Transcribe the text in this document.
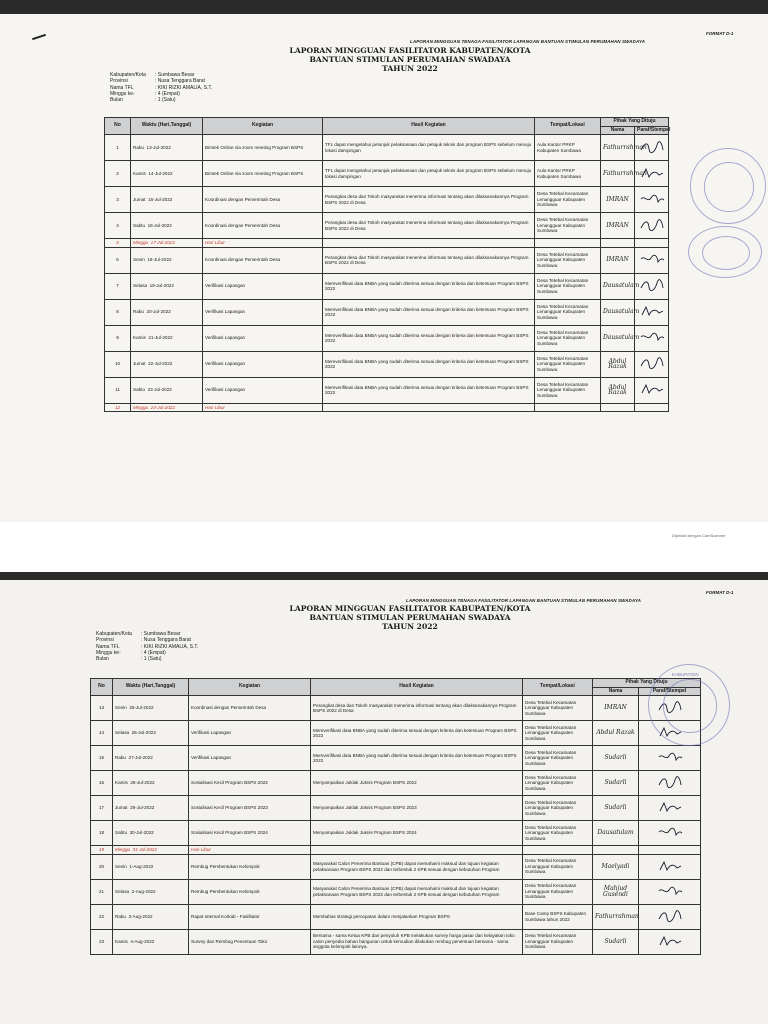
FORMAT D-1
LAPORAN MINGGUAN TENAGA FASILITATOR LAPANGAN BANTUAN STIMULAN PERUMAHAN SWADAYA
LAPORAN MINGGUAN FASILITATOR KABUPATEN/KOTA
BANTUAN STIMULAN PERUMAHAN SWADAYA
TAHUN 2022
Kabupaten/Kota	: Sumbawa Besar
Provinsi	: Nusa Tenggara Barat
Nama TFL	: KIKI RIZKI AMALIA, S.T.
Minggu ke-	: 4 (Empat)
Bulan	: 1 (Satu)
No	Waktu (Hari,Tanggal)	Kegiatan	Hasil Kegiatan	Tempat/Lokasi	Pihak Yang Dituju	
					Nama	Paraf/Stempel
1	Rabu 13-Jul-2022	Bimtek Online via zoom meeting Program BSPS	TFL dapat mengetahui petunjuk pelaksanaan dan petujuk teknis dan program BSPS sebelum menuju lokasi dampingan	Aula Kantor PRKP Kabupaten Sumbawa	Fathurrahman	
2	Kamis 14-Jul-2022	Bimtek Online via zoom meeting Program BSPS	TFL dapat mengetahui petunjuk pelaksanaan dan petujuk teknis dan program BSPS sebelum menuju lokasi dampingan	Aula Kantor PRKP Kabupaten Sumbawa	Fathurrahman	
3	Jumat 15-Jul-2022	Koordinasi dengan Pemerintah Desa	Perangkat desa dan Tokoh masyarakat menerima informasi tentang akan dilaksanakannya Program BSPS 2022 di Desa	Desa Tetebal Kecamatan Lenangguar Kabupaten Sumbawa	IMRAN	
4	Sabtu 16-Jul-2022	Koordinasi dengan Pemerintah Desa	Perangkat desa dan Tokoh masyarakat menerima informasi tentang akan dilaksanakannya Program BSPS 2022 di Desa	Desa Tetebal Kecamatan Lenangguar Kabupaten Sumbawa	IMRAN	
5	Minggu 17-Jul-2022	Hari Libur				
6	Senin 18-Jul-2022	Koordinasi dengan Pemerintah Desa	Perangkat desa dan Tokoh masyarakat menerima informasi tentang akan dilaksanakannya Program BSPS 2022 di Desa	Desa Tetebal Kecamatan Lenangguar Kabupaten Sumbawa	IMRAN	
7	Selasa 19-Jul-2022	Verifikasi Lapangan	Memverifikasi data BNBA yang sudah diterima sesuai dengan kriteria dan ketentuan Program BSPS 2022	Desa Tetebal Kecamatan Lenangguar Kabupaten Sumbawa	Dausatulam	
8	Rabu 20-Jul-2022	Verifikasi Lapangan	Memverifikasi data BNBA yang sudah diterima sesuai dengan kriteria dan ketentuan Program BSPS 2022	Desa Tetebal Kecamatan Lenangguar Kabupaten Sumbawa	Dausatulam	
9	Kamis 21-Jul-2022	Verifikasi Lapangan	Memverifikasi data BNBA yang sudah diterima sesuai dengan kriteria dan ketentuan Program BSPS 2022	Desa Tetebal Kecamatan Lenangguar Kabupaten Sumbawa	Dausatulam	
10	Jumat 22-Jul-2022	Verifikasi Lapangan	Memverifikasi data BNBA yang sudah diterima sesuai dengan kriteria dan ketentuan Program BSPS 2022	Desa Tetebal Kecamatan Lenangguar Kabupaten Sumbawa	Abdul Razak	
11	Sabtu 23-Jul-2022	Verifikasi Lapangan	Memverifikasi data BNBA yang sudah diterima sesuai dengan kriteria dan ketentuan Program BSPS 2022	Desa Tetebal Kecamatan Lenangguar Kabupaten Sumbawa	Abdul Razak	
12	Minggu 24-Jul-2022	Hari Libur				
Dipindai dengan CamScanner
FORMAT D-1
LAPORAN MINGGUAN TENAGA FASILITATOR LAPANGAN BANTUAN STIMULAN PERUMAHAN SWADAYA
LAPORAN MINGGUAN FASILITATOR KABUPATEN/KOTA
BANTUAN STIMULAN PERUMAHAN SWADAYA
TAHUN 2022
Kabupaten/Kota	: Sumbawa Besar
Provinsi	: Nusa Tenggara Barat
Nama TFL	: KIKI RIZKI AMALIA, S.T.
Minggu ke-	: 4 (Empat)
Bulan	: 1 (Satu)
No	Waktu (Hari,Tanggal)	Kegiatan	Hasil Kegiatan	Tempat/Lokasi	Pihak Yang Dituju	
					Nama	Paraf/Stempel
13	Senin 25-Jul-2022	Koordinasi dengan Pemerintah Desa	Perangkat desa dan Tokoh masyarakat menerima informasi tentang akan dilaksanakannya Program BSPS 2022 di Desa	Desa Tetebal Kecamatan Lenangguar Kabupaten Sumbawa	IMRAN	
14	Selasa 26-Jul-2022	Verifikasi Lapangan	Memverifikasi data BNBA yang sudah diterima sesuai dengan kriteria dan ketentuan Program BSPS 2022	Desa Tetebal Kecamatan Lenangguar Kabupaten Sumbawa	Abdul Razak	
15	Rabu 27-Jul-2022	Verifikasi Lapangan	Memverifikasi data BNBA yang sudah diterima sesuai dengan kriteria dan ketentuan Program BSPS 2022	Desa Tetebal Kecamatan Lenangguar Kabupaten Sumbawa	Sudarli	
16	Kamis 28-Jul-2022	Sosialisasi Kecil Program BSPS 2022	Menyampaikan Juklak Juknis Program BSPS 2022	Desa Tetebal Kecamatan Lenangguar Kabupaten Sumbawa	Sudarli	
17	Jumat 29-Jul-2022	Sosialisasi Kecil Program BSPS 2023	Menyampaikan Juklak Juknis Program BSPS 2023	Desa Tetebal Kecamatan Lenangguar Kabupaten Sumbawa	Sudarli	
18	Sabtu 30-Jul-2022	Sosialisasi Kecil Program BSPS 2024	Menyampaikan Juklak Juknis Program BSPS 2024	Desa Tetebal Kecamatan Lenangguar Kabupaten Sumbawa	Dausatulam	
19	Minggu 31-Jul-2022	Hari Libur				
20	Senin 1-Aug-2022	Rembug Pembentukan Kelompok	Masyarakat Calon Penerima Bantuan (CPB) dapat memahami maksud dan tujuan kegiatan pelaksanaan Program BSPS 2022 dan terbentuk 2 KPB sesuai dengan kebutuhan Program	Desa Tetebal Kecamatan Lenangguar Kabupaten Sumbawa	Maelyadi	
21	Selasa 2-Aug-2022	Rembug Pembentukan Kelompok	Masyarakat Calon Penerima Bantuan (CPB) dapat memahami maksud dan tujuan kegiatan pelaksanaan Program BSPS 2022 dan terbentuk 2 KPB sesuai dengan kebutuhan Program	Desa Tetebal Kecamatan Lenangguar Kabupaten Sumbawa	Mahjud Gusendi	
22	Rabu 3-Aug-2022	Rapat Internal Korkab - Fasilitator	Membahas strategi percepatan dalam menjalankan Program BSPS	Base Camp BSPS Kabupaten Sumbawa tahun 2022	Fathurrahman	
23	Kamis 4-Aug-2022	Survey dan Rembug Penentuan Toko	Bersama - sama Ketua KPB dan penyuluh KPB melakukan survey harga pasar dan kelayakan toko calon penyedia bahan bangunan untuk kemudian dilakukan rembug penentuan bersama - sama anggota kelompok lainnya.	Desa Tetebal Kecamatan Lenangguar Kabupaten Sumbawa	Sudarli	
KABUPATEN
